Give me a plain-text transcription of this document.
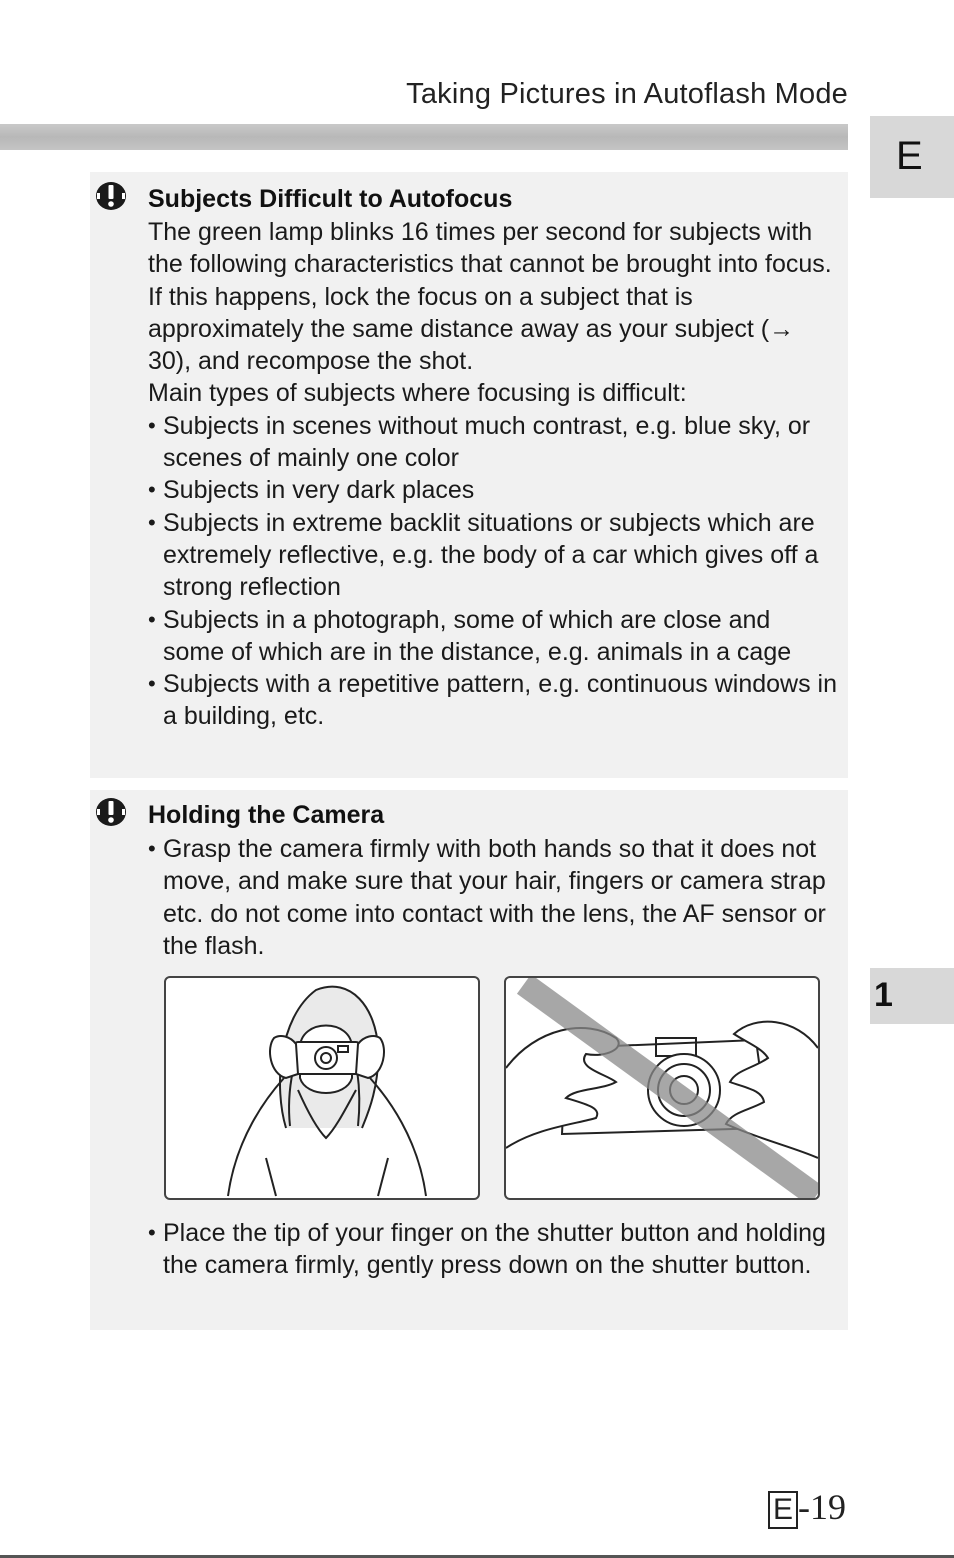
Taking Pictures in Autoflash Mode
E
1
Subjects Difficult to Autofocus

The green lamp blinks 16 times per second for subjects with the following characteristics that cannot be brought into focus.

If this happens, lock the focus on a subject that is approximately the same distance away as your subject (→ 30), and recompose the shot.

Main types of subjects where focusing is difficult:

• Subjects in scenes without much contrast, e.g. blue sky, or scenes of mainly one color
• Subjects in very dark places
• Subjects in extreme backlit situations or subjects which are extremely reflective, e.g. the body of a car which gives off a strong reflection
• Subjects in a photograph, some of which are close and some of which are in the distance, e.g. animals in a cage
• Subjects with a repetitive pattern, e.g. continuous windows in a building, etc.
Holding the Camera
• Grasp the camera firmly with both hands so that it does not move, and make sure that your hair, fingers or camera strap etc. do not come into contact with the lens, the AF sensor or the flash.
• Place the tip of your finger on the shutter button and holding the camera firmly, gently press down on the shutter button.
E -19
